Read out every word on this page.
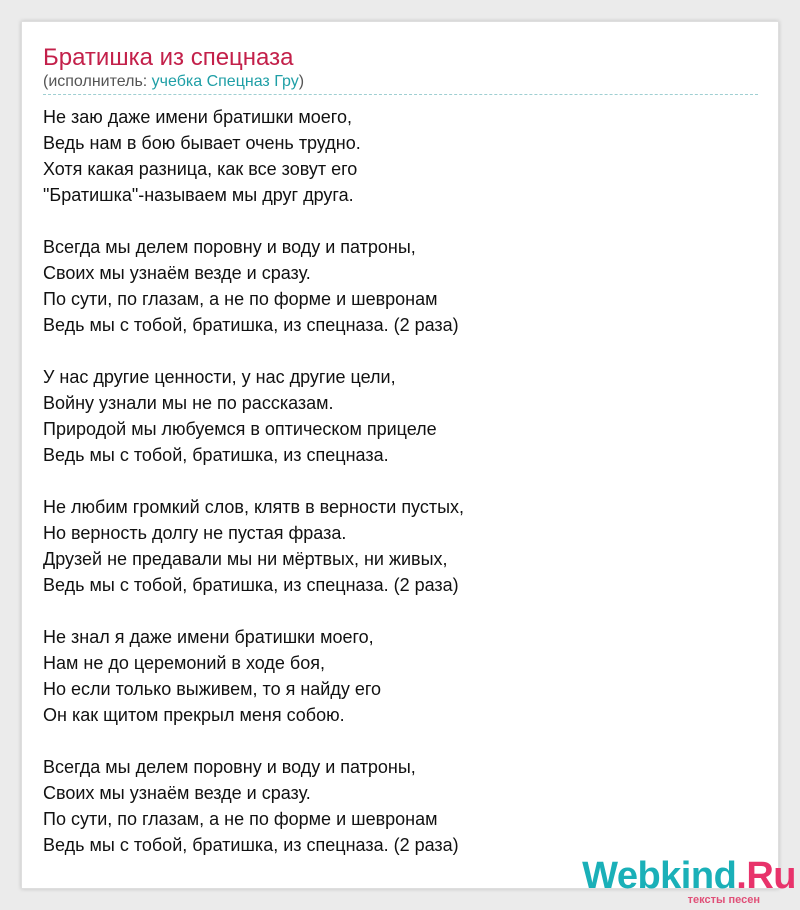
Братишка из спецназа
(исполнитель: учебка Спецназ Гру)
Не заю даже имени братишки моего,
Ведь нам в бою бывает очень трудно.
Хотя какая разница, как все зовут его
"Братишка"-называем мы друг друга.
Всегда мы делем поровну и воду и патроны,
Своих мы узнаём везде и сразу.
По сути, по глазам, а не по форме и шевронам
Ведь мы с тобой, братишка, из спецназа. (2 раза)
У нас другие ценности, у нас другие цели,
Войну узнали мы не по рассказам.
Природой мы любуемся в оптическом прицеле
Ведь мы с тобой, братишка, из спецназа.
Не любим громкий слов, клятв в верности пустых,
Но верность долгу не пустая фраза.
Друзей не предавали мы ни мёртвых, ни живых,
Ведь мы с тобой, братишка, из спецназа. (2 раза)
Не знал я даже имени братишки моего,
Нам не до церемоний в ходе боя,
Но если только выживем, то я найду его
Он как щитом прекрыл меня собою.
Всегда мы делем поровну и воду и патроны,
Своих мы узнаём везде и сразу.
По сути, по глазам, а не по форме и шевронам
Ведь мы с тобой, братишка, из спецназа. (2 раза)
Webkind.Ru
тексты песен
